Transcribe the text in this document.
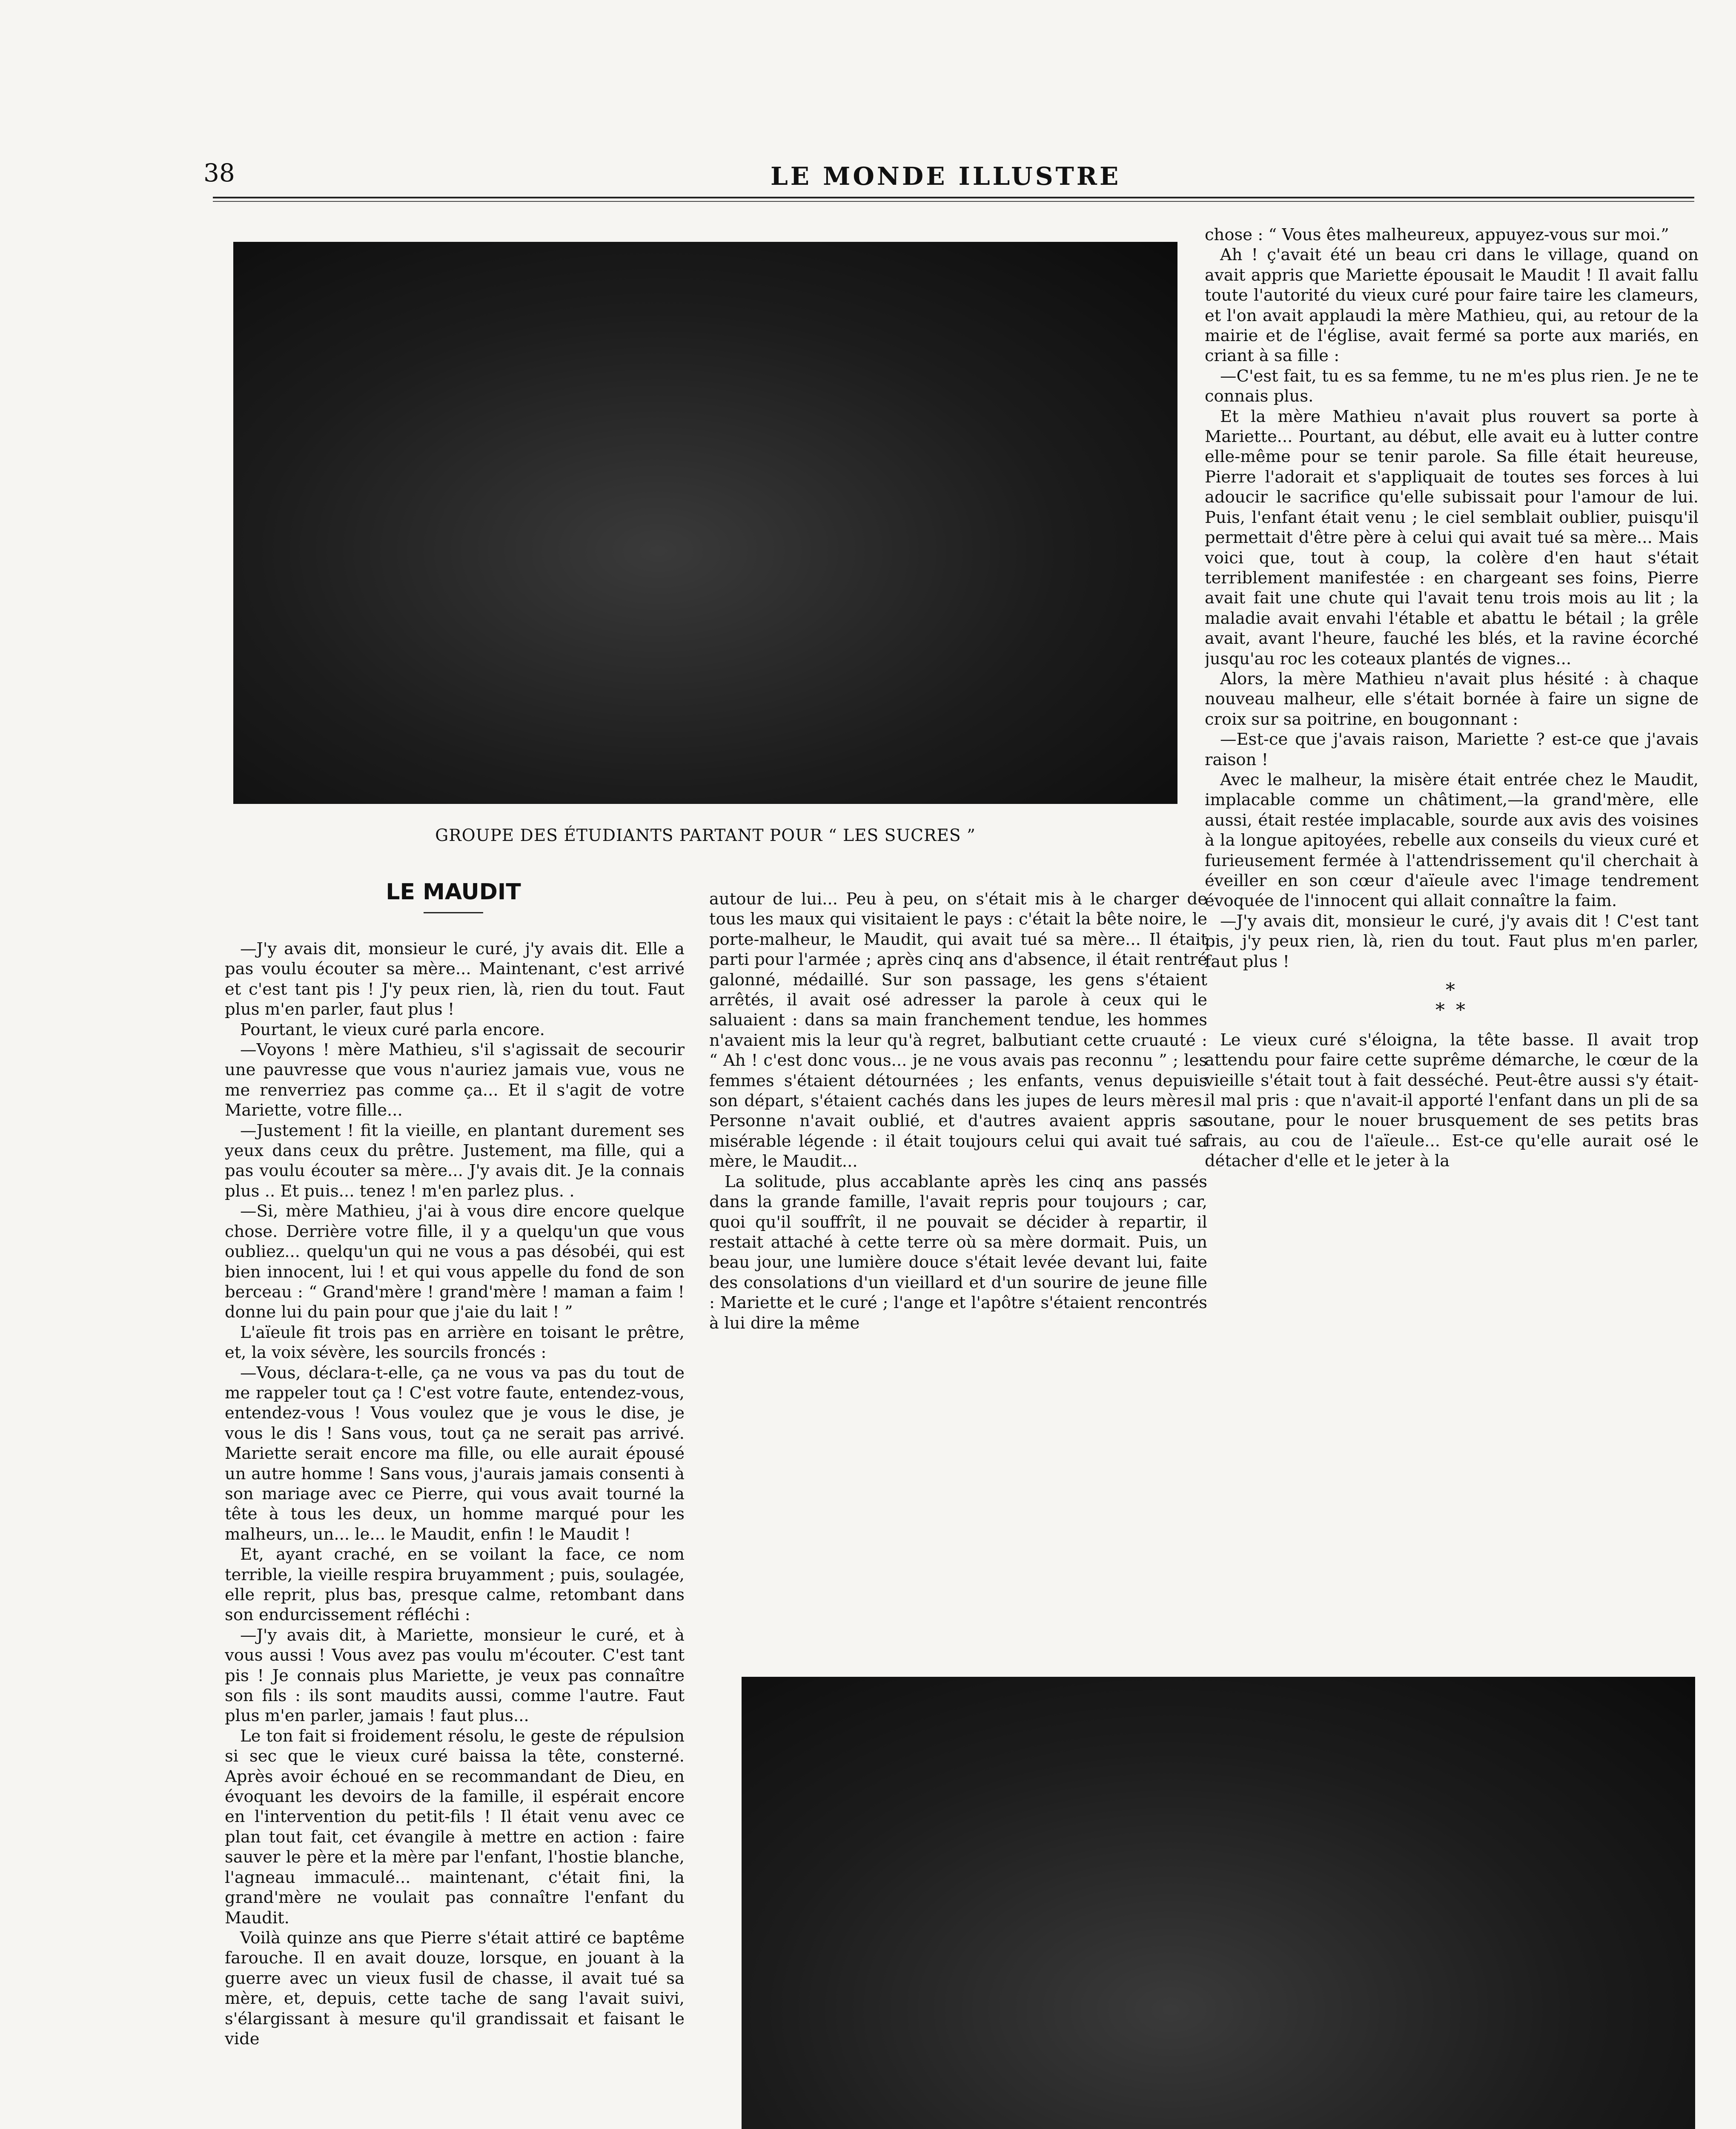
38	LE MONDE ILLUSTRE
GROUPE DES ÉTUDIANTS PARTANT POUR “ LES SUCRES ”
LE MAUDIT

—J'y avais dit, monsieur le curé, j'y avais dit. Elle a pas voulu écouter sa mère... Maintenant, c'est arrivé et c'est tant pis ! J'y peux rien, là, rien du tout. Faut plus m'en parler, faut plus !

Pourtant, le vieux curé parla encore.

—Voyons ! mère Mathieu, s'il s'agissait de secourir une pauvresse que vous n'auriez jamais vue, vous ne me renverriez pas comme ça... Et il s'agit de votre Mariette, votre fille...

—Justement ! fit la vieille, en plantant durement ses yeux dans ceux du prêtre. Justement, ma fille, qui a pas voulu écouter sa mère... J'y avais dit. Je la connais plus .. Et puis... tenez ! m'en parlez plus. .

—Si, mère Mathieu, j'ai à vous dire encore quelque chose. Derrière votre fille, il y a quelqu'un que vous oubliez... quelqu'un qui ne vous a pas désobéi, qui est bien innocent, lui ! et qui vous appelle du fond de son berceau : “ Grand'mère ! grand'mère ! maman a faim ! donne lui du pain pour que j'aie du lait ! ”

L'aïeule fit trois pas en arrière en toisant le prêtre, et, la voix sévère, les sourcils froncés :

—Vous, déclara-t-elle, ça ne vous va pas du tout de me rappeler tout ça ! C'est votre faute, entendez-vous, entendez-vous ! Vous voulez que je vous le dise, je vous le dis ! Sans vous, tout ça ne serait pas arrivé. Mariette serait encore ma fille, ou elle aurait épousé un autre homme ! Sans vous, j'aurais jamais consenti à son mariage avec ce Pierre, qui vous avait tourné la tête à tous les deux, un homme marqué pour les malheurs, un... le... le Maudit, enfin ! le Maudit !

Et, ayant craché, en se voilant la face, ce nom terrible, la vieille respira bruyamment ; puis, soulagée, elle reprit, plus bas, presque calme, retombant dans son endurcissement réfléchi :

—J'y avais dit, à Mariette, monsieur le curé, et à vous aussi ! Vous avez pas voulu m'écouter. C'est tant pis ! Je connais plus Mariette, je veux pas connaître son fils : ils sont maudits aussi, comme l'autre. Faut plus m'en parler, jamais ! faut plus...

Le ton fait si froidement résolu, le geste de répulsion si sec que le vieux curé baissa la tête, consterné. Après avoir échoué en se recommandant de Dieu, en évoquant les devoirs de la famille, il espérait encore en l'intervention du petit-fils ! Il était venu avec ce plan tout fait, cet évangile à mettre en action : faire sauver le père et la mère par l'enfant, l'hostie blanche, l'agneau immaculé... maintenant, c'était fini, la grand'mère ne voulait pas connaître l'enfant du Maudit.

Voilà quinze ans que Pierre s'était attiré ce baptême farouche. Il en avait douze, lorsque, en jouant à la guerre avec un vieux fusil de chasse, il avait tué sa mère, et, depuis, cette tache de sang l'avait suivi, s'élargissant à mesure qu'il grandissait et faisant le vide

autour de lui... Peu à peu, on s'était mis à le charger de tous les maux qui visitaient le pays : c'était la bête noire, le porte-malheur, le Maudit, qui avait tué sa mère... Il était parti pour l'armée ; après cinq ans d'absence, il était rentré galonné, médaillé. Sur son passage, les gens s'étaient arrêtés, il avait osé adresser la parole à ceux qui le saluaient : dans sa main franchement tendue, les hommes n'avaient mis la leur qu'à regret, balbutiant cette cruauté : “ Ah ! c'est donc vous... je ne vous avais pas reconnu ” ; les femmes s'étaient détournées ; les enfants, venus depuis son départ, s'étaient cachés dans les jupes de leurs mères. Personne n'avait oublié, et d'autres avaient appris sa misérable légende : il était toujours celui qui avait tué sa mère, le Maudit...

La solitude, plus accablante après les cinq ans passés dans la grande famille, l'avait repris pour toujours ; car, quoi qu'il souffrît, il ne pouvait se décider à repartir, il restait attaché à cette terre où sa mère dormait. Puis, un beau jour, une lumière douce s'était levée devant lui, faite des consolations d'un vieillard et d'un sourire de jeune fille : Mariette et le curé ; l'ange et l'apôtre s'étaient rencontrés à lui dire la même

chose : “ Vous êtes malheureux, appuyez-vous sur moi.”

Ah ! ç'avait été un beau cri dans le village, quand on avait appris que Mariette épousait le Maudit ! Il avait fallu toute l'autorité du vieux curé pour faire taire les clameurs, et l'on avait applaudi la mère Mathieu, qui, au retour de la mairie et de l'église, avait fermé sa porte aux mariés, en criant à sa fille :

—C'est fait, tu es sa femme, tu ne m'es plus rien. Je ne te connais plus.

Et la mère Mathieu n'avait plus rouvert sa porte à Mariette... Pourtant, au début, elle avait eu à lutter contre elle-même pour se tenir parole. Sa fille était heureuse, Pierre l'adorait et s'appliquait de toutes ses forces à lui adoucir le sacrifice qu'elle subissait pour l'amour de lui. Puis, l'enfant était venu ; le ciel semblait oublier, puisqu'il permettait d'être père à celui qui avait tué sa mère... Mais voici que, tout à coup, la colère d'en haut s'était terriblement manifestée : en chargeant ses foins, Pierre avait fait une chute qui l'avait tenu trois mois au lit ; la maladie avait envahi l'étable et abattu le bétail ; la grêle avait, avant l'heure, fauché les blés, et la ravine écorché jusqu'au roc les coteaux plantés de vignes...

Alors, la mère Mathieu n'avait plus hésité : à chaque nouveau malheur, elle s'était bornée à faire un signe de croix sur sa poitrine, en bougonnant :

—Est-ce que j'avais raison, Mariette ? est-ce que j'avais raison !

Avec le malheur, la misère était entrée chez le Maudit, implacable comme un châtiment,—la grand'mère, elle aussi, était restée implacable, sourde aux avis des voisines à la longue apitoyées, rebelle aux conseils du vieux curé et furieusement fermée à l'attendrissement qu'il cherchait à éveiller en son cœur d'aïeule avec l'image tendrement évoquée de l'innocent qui allait connaître la faim.

—J'y avais dit, monsieur le curé, j'y avais dit ! C'est tant pis, j'y peux rien, là, rien du tout. Faut plus m'en parler, faut plus !

*
* *

Le vieux curé s'éloigna, la tête basse. Il avait trop attendu pour faire cette suprême démarche, le cœur de la vieille s'était tout à fait desséché. Peut-être aussi s'y était-il mal pris : que n'avait-il apporté l'enfant dans un pli de sa soutane, pour le nouer brusquement de ses petits bras frais, au cou de l'aïeule... Est-ce qu'elle aurait osé le détacher d'elle et le jeter à la
